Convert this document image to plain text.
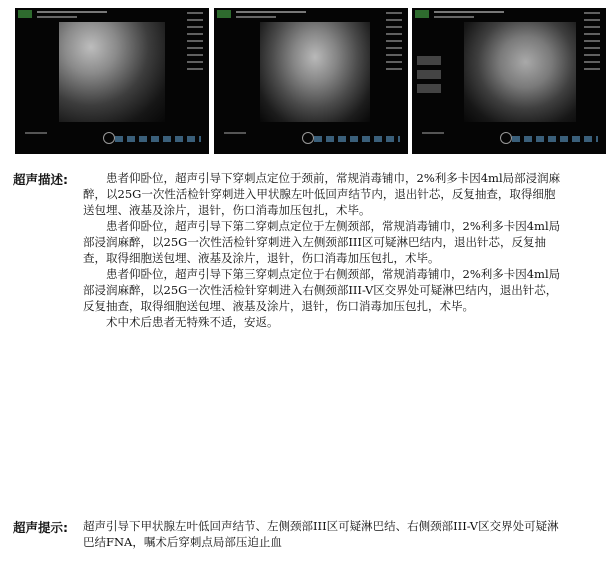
超声描述:	患者仰卧位，超声引导下穿刺点定位于颈前，常规消毒铺巾，2%利多卡因4ml局部浸润麻醉，以25G一次性活检针穿刺进入甲状腺左叶低回声结节内，退出针芯，反复抽查，取得细胞送包埋、液基及涂片，退针，伤口消毒加压包扎，术毕。

患者仰卧位，超声引导下第二穿刺点定位于左侧颈部，常规消毒铺巾，2%利多卡因4ml局部浸润麻醉，以25G一次性活检针穿刺进入左侧颈部III区可疑淋巴结内，退出针芯，反复抽查，取得细胞送包埋、液基及涂片，退针，伤口消毒加压包扎，术毕。

患者仰卧位，超声引导下第三穿刺点定位于右侧颈部，常规消毒铺巾，2%利多卡因4ml局部浸润麻醉，以25G一次性活检针穿刺进入右侧颈部III-V区交界处可疑淋巴结内，退出针芯，反复抽查，取得细胞送包埋、液基及涂片，退针，伤口消毒加压包扎，术毕。

术中术后患者无特殊不适，安返。

超声提示: 超声引导下甲状腺左叶低回声结节、左侧颈部III区可疑淋巴结、右侧颈部III-V区交界处可疑淋巴结FNA，嘱术后穿刺点局部压迫止血
